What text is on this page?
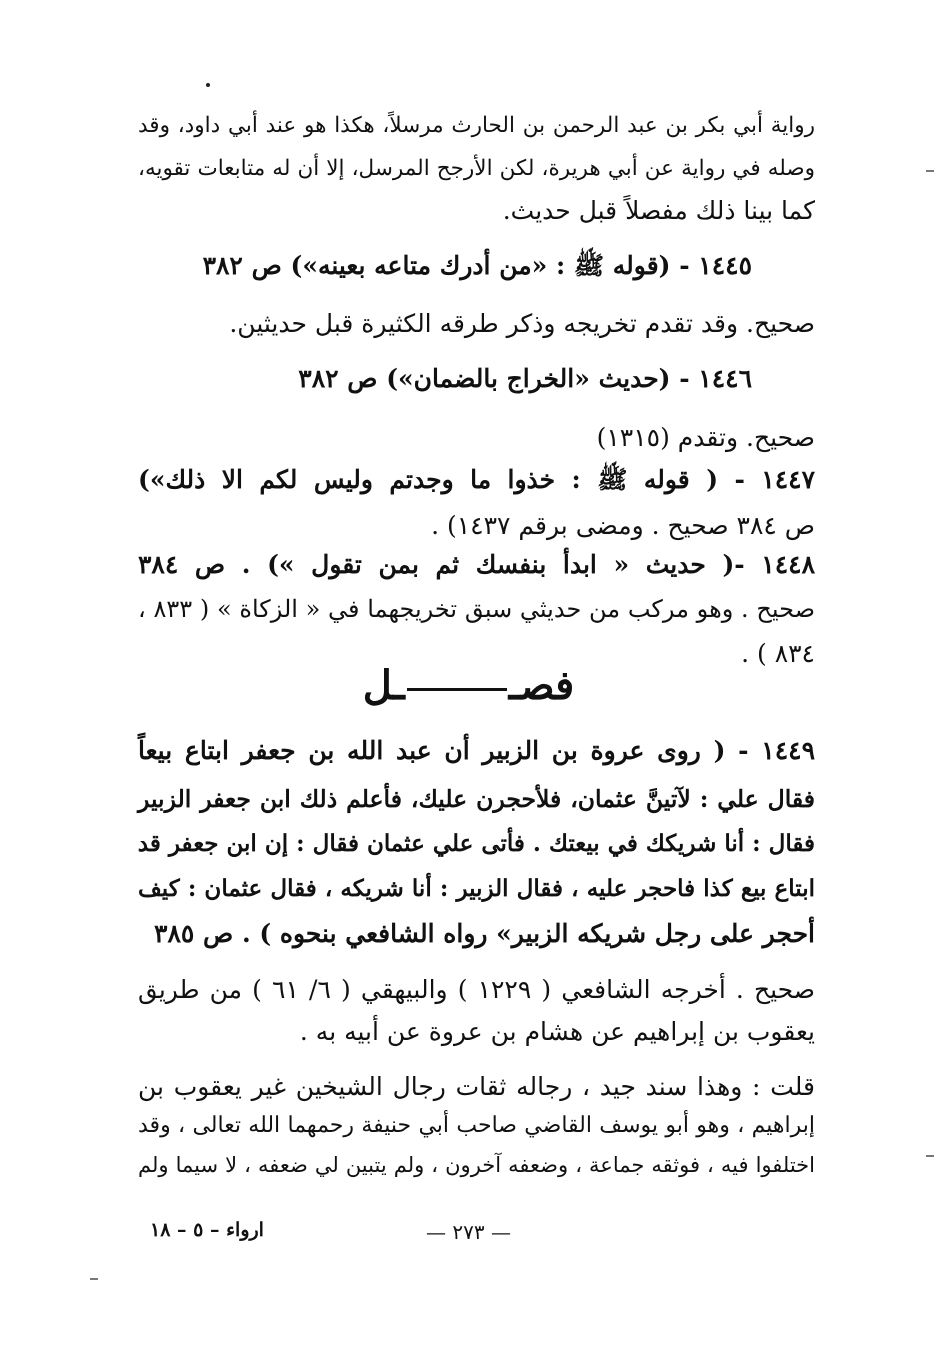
رواية أبي بكر بن عبد الرحمن بن الحارث مرسلاً، هكذا هو عند أبي داود، وقد
وصله في رواية عن أبي هريرة، لكن الأرجح المرسل، إلا أن له متابعات تقويه،
كما بينا ذلك مفصلاً قبل حديث.
١٤٤٥ - (قوله ﷺ : «من أدرك متاعه بعينه») ص ٣٨٢
صحيح. وقد تقدم تخريجه وذكر طرقه الكثيرة قبل حديثين.
١٤٤٦ - (حديث «الخراج بالضمان») ص ٣٨٢
صحيح. وتقدم (١٣١٥)
١٤٤٧ - ( قوله ﷺ : خذوا ما وجدتم وليس لكم الا ذلك»)
ص ٣٨٤ صحيح . ومضى برقم ١٤٣٧) .
١٤٤٨ -( حديث « ابدأ بنفسك ثم بمن تقول ») . ص ٣٨٤
صحيح . وهو مركب من حديثي سبق تخريجهما في « الزكاة » ( ٨٣٣ ،
. ( ٨٣٤
فصــل
١٤٤٩ - ( روى عروة بن الزبير أن عبد الله بن جعفر ابتاع بيعاً
فقال علي : لآتينَّ عثمان، فلأحجرن عليك، فأعلم ذلك ابن جعفر الزبير
فقال : أنا شريكك في بيعتك . فأتى علي عثمان فقال : إن ابن جعفر قد
ابتاع بيع كذا فاحجر عليه ، فقال الزبير : أنا شريكه ، فقال عثمان : كيف
أحجر على رجل شريكه الزبير» رواه الشافعي بنحوه ) . ص ٣٨٥
صحيح . أخرجه الشافعي ( ١٢٢٩ ) والبيهقي ( ٦/ ٦١ ) من طريق
يعقوب بن إبراهيم عن هشام بن عروة عن أبيه به .
قلت : وهذا سند جيد ، رجاله ثقات رجال الشيخين غير يعقوب بن
إبراهيم ، وهو أبو يوسف القاضي صاحب أبي حنيفة رحمهما الله تعالى ، وقد
اختلفوا فيه ، فوثقه جماعة ، وضعفه آخرون ، ولم يتبين لي ضعفه ، لا سيما ولم
— ٢٧٣ —
ارواء – ٥ – ١٨
